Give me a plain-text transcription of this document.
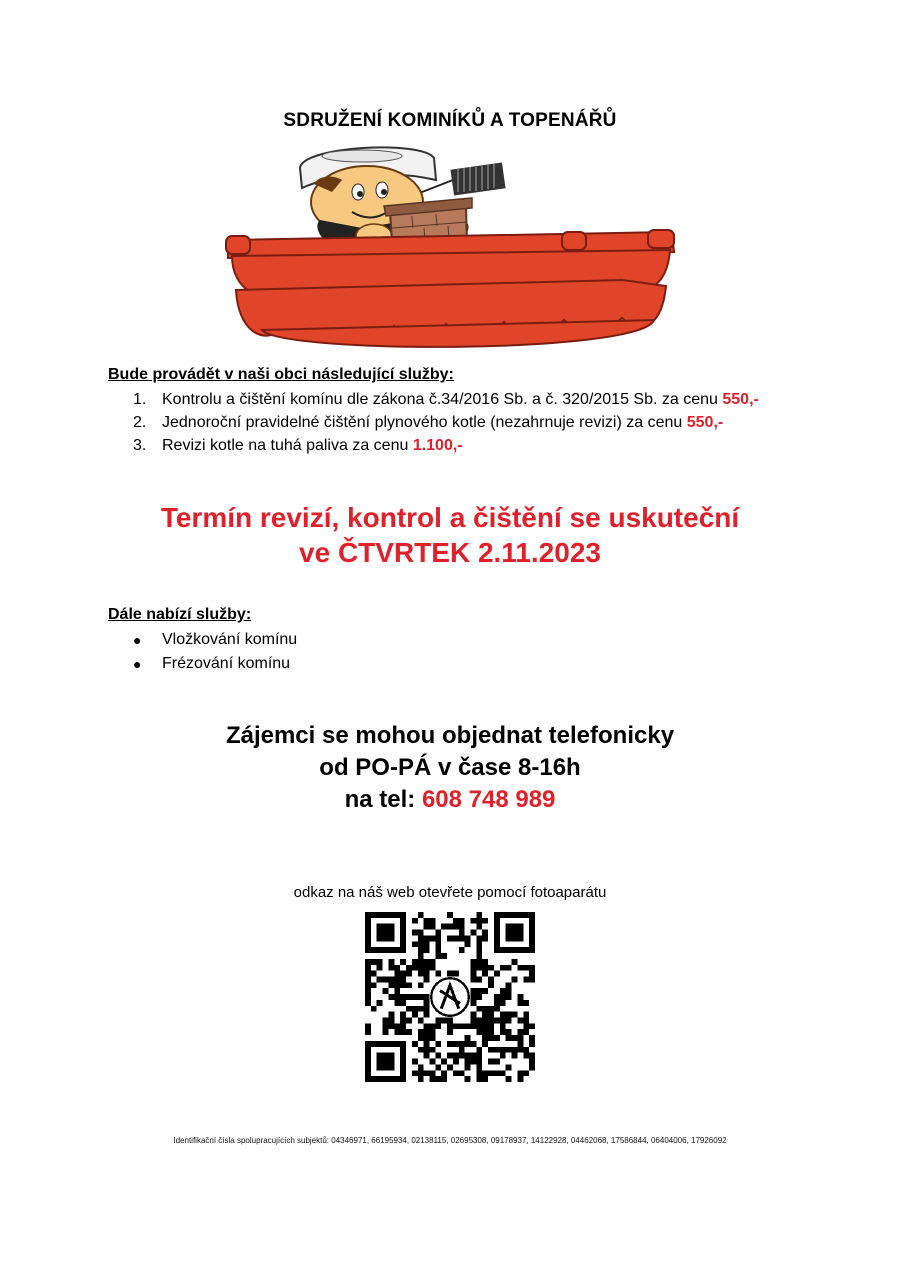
SDRUŽENÍ KOMINÍKŮ A TOPENÁŘŮ
Bude provádět v naši obci následující služby:
1. Kontrolu a čištění komínu dle zákona č.34/2016 Sb. a č. 320/2015 Sb. za cenu 550,-
2. Jednoroční pravidelné čištění plynového kotle (nezahrnuje revizi) za cenu 550,-
3. Revizi kotle na tuhá paliva za cenu 1.100,-
Termín revizí, kontrol a čištění se uskuteční
ve ČTVRTEK 2.11.2023
Dále nabízí služby:
●	Vložkování komínu
●	Frézování komínu
Zájemci se mohou objednat telefonicky
od PO-PÁ v čase 8-16h
na tel: 608 748 989
odkaz na náš web otevřete pomocí fotoaparátu
Identifikační čísla spolupracujících subjektů: 04346971, 66195934, 02138115, 02695308, 09178937, 14122928, 04462068, 17586844, 06404006, 17926092
